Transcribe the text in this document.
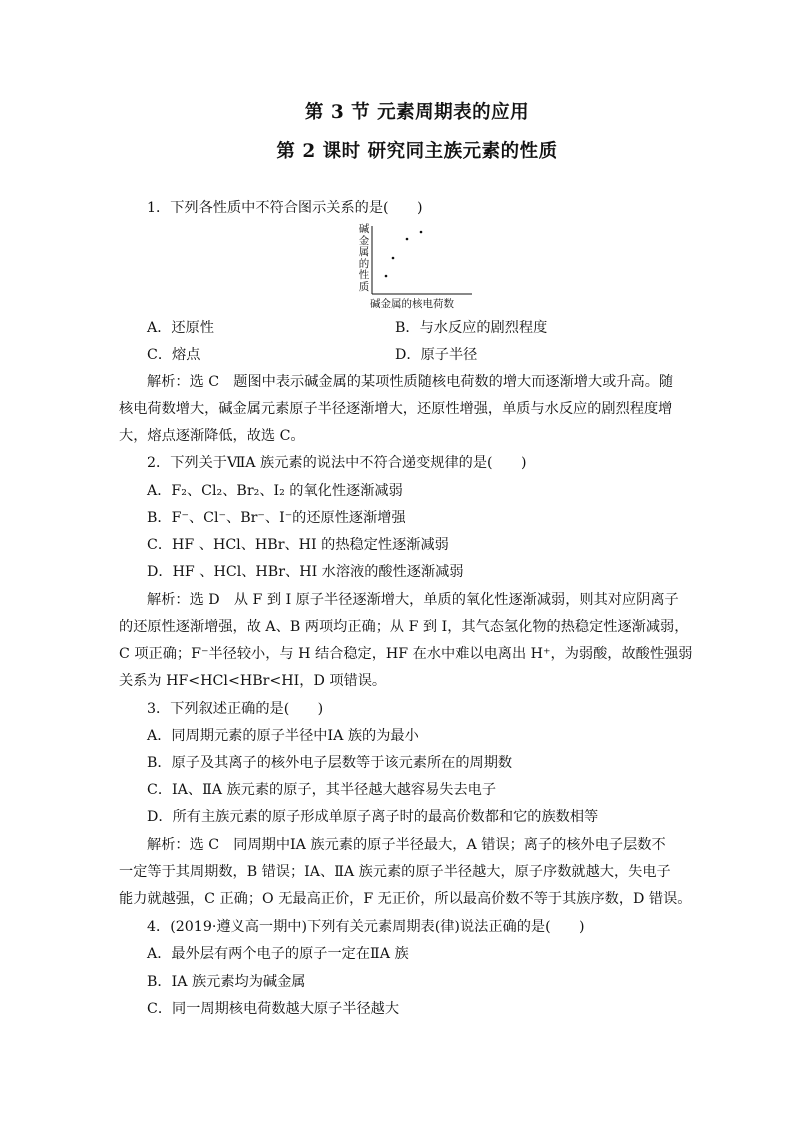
第 3 节 元素周期表的应用
第 2 课时 研究同主族元素的性质
1．下列各性质中不符合图示关系的是(　　)
碱金属的性质
碱金属的核电荷数
A．还原性	B．与水反应的剧烈程度
C．熔点	D．原子半径
解析：选 C　题图中表示碱金属的某项性质随核电荷数的增大而逐渐增大或升高。随
核电荷数增大，碱金属元素原子半径逐渐增大，还原性增强，单质与水反应的剧烈程度增
大，熔点逐渐降低，故选 C。
2．下列关于ⅦA 族元素的说法中不符合递变规律的是(　　)
A．F₂、Cl₂、Br₂、I₂ 的氧化性逐渐减弱
B．F⁻、Cl⁻、Br⁻、I⁻的还原性逐渐增强
C．HF 、HCl、HBr、HI 的热稳定性逐渐减弱
D．HF 、HCl、HBr、HI 水溶液的酸性逐渐减弱
解析：选 D　从 F 到 I 原子半径逐渐增大，单质的氧化性逐渐减弱，则其对应阴离子
的还原性逐渐增强，故 A、B 两项均正确；从 F 到 I，其气态氢化物的热稳定性逐渐减弱，
C 项正确；F⁻半径较小，与 H 结合稳定，HF 在水中难以电离出 H⁺，为弱酸，故酸性强弱
关系为 HF<HCl<HBr<HI，D 项错误。
3．下列叙述正确的是(　　)
A．同周期元素的原子半径中ⅠA 族的为最小
B．原子及其离子的核外电子层数等于该元素所在的周期数
C．ⅠA、ⅡA 族元素的原子，其半径越大越容易失去电子
D．所有主族元素的原子形成单原子离子时的最高价数都和它的族数相等
解析：选 C　同周期中ⅠA 族元素的原子半径最大，A 错误；离子的核外电子层数不
一定等于其周期数，B 错误；ⅠA、ⅡA 族元素的原子半径越大，原子序数就越大，失电子
能力就越强，C 正确；O 无最高正价，F 无正价，所以最高价数不等于其族序数，D 错误。
4．(2019·遵义高一期中)下列有关元素周期表(律)说法正确的是(　　)
A．最外层有两个电子的原子一定在ⅡA 族
B．ⅠA 族元素均为碱金属
C．同一周期核电荷数越大原子半径越大
